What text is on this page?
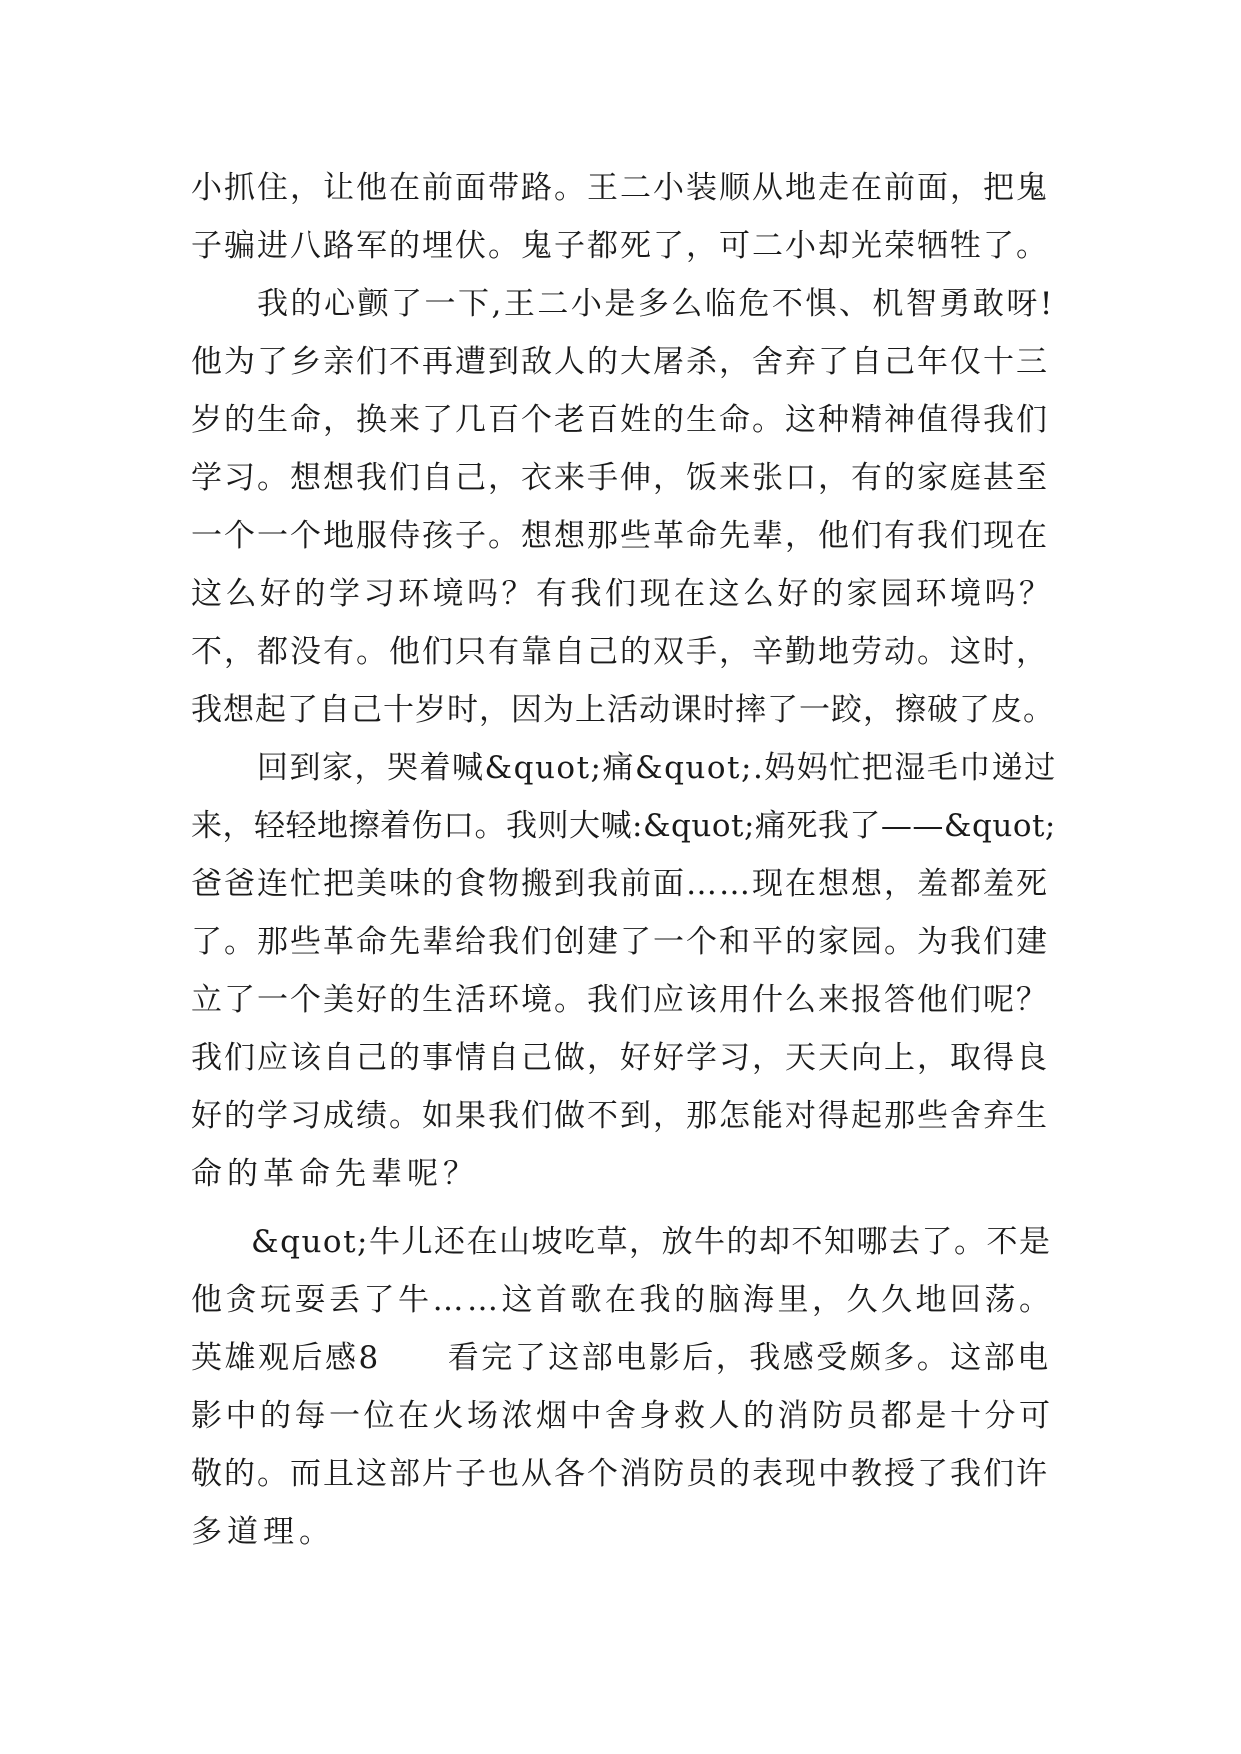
小抓住，让他在前面带路。王二小装顺从地走在前面，把鬼
子骗进八路军的埋伏。鬼子都死了，可二小却光荣牺牲了。
我的心颤了一下,王二小是多么临危不惧、机智勇敢呀!
他为了乡亲们不再遭到敌人的大屠杀，舍弃了自己年仅十三
岁的生命，换来了几百个老百姓的生命。这种精神值得我们
学习。想想我们自己，衣来手伸，饭来张口，有的家庭甚至
一个一个地服侍孩子。想想那些革命先辈，他们有我们现在
这么好的学习环境吗？有我们现在这么好的家园环境吗？
不，都没有。他们只有靠自己的双手，辛勤地劳动。这时，
我想起了自己十岁时，因为上活动课时摔了一跤，擦破了皮。
回到家，哭着喊&quot;痛&quot;.妈妈忙把湿毛巾递过
来，轻轻地擦着伤口。我则大喊:&quot;痛死我了——&quot;
爸爸连忙把美味的食物搬到我前面……现在想想，羞都羞死
了。那些革命先辈给我们创建了一个和平的家园。为我们建
立了一个美好的生活环境。我们应该用什么来报答他们呢？
我们应该自己的事情自己做，好好学习，天天向上，取得良
好的学习成绩。如果我们做不到，那怎能对得起那些舍弃生
命的革命先辈呢？
&quot;牛儿还在山坡吃草，放牛的却不知哪去了。不是
他贪玩耍丢了牛……这首歌在我的脑海里，久久地回荡。
英雄观后感8　　看完了这部电影后，我感受颇多。这部电
影中的每一位在火场浓烟中舍身救人的消防员都是十分可
敬的。而且这部片子也从各个消防员的表现中教授了我们许
多道理。
